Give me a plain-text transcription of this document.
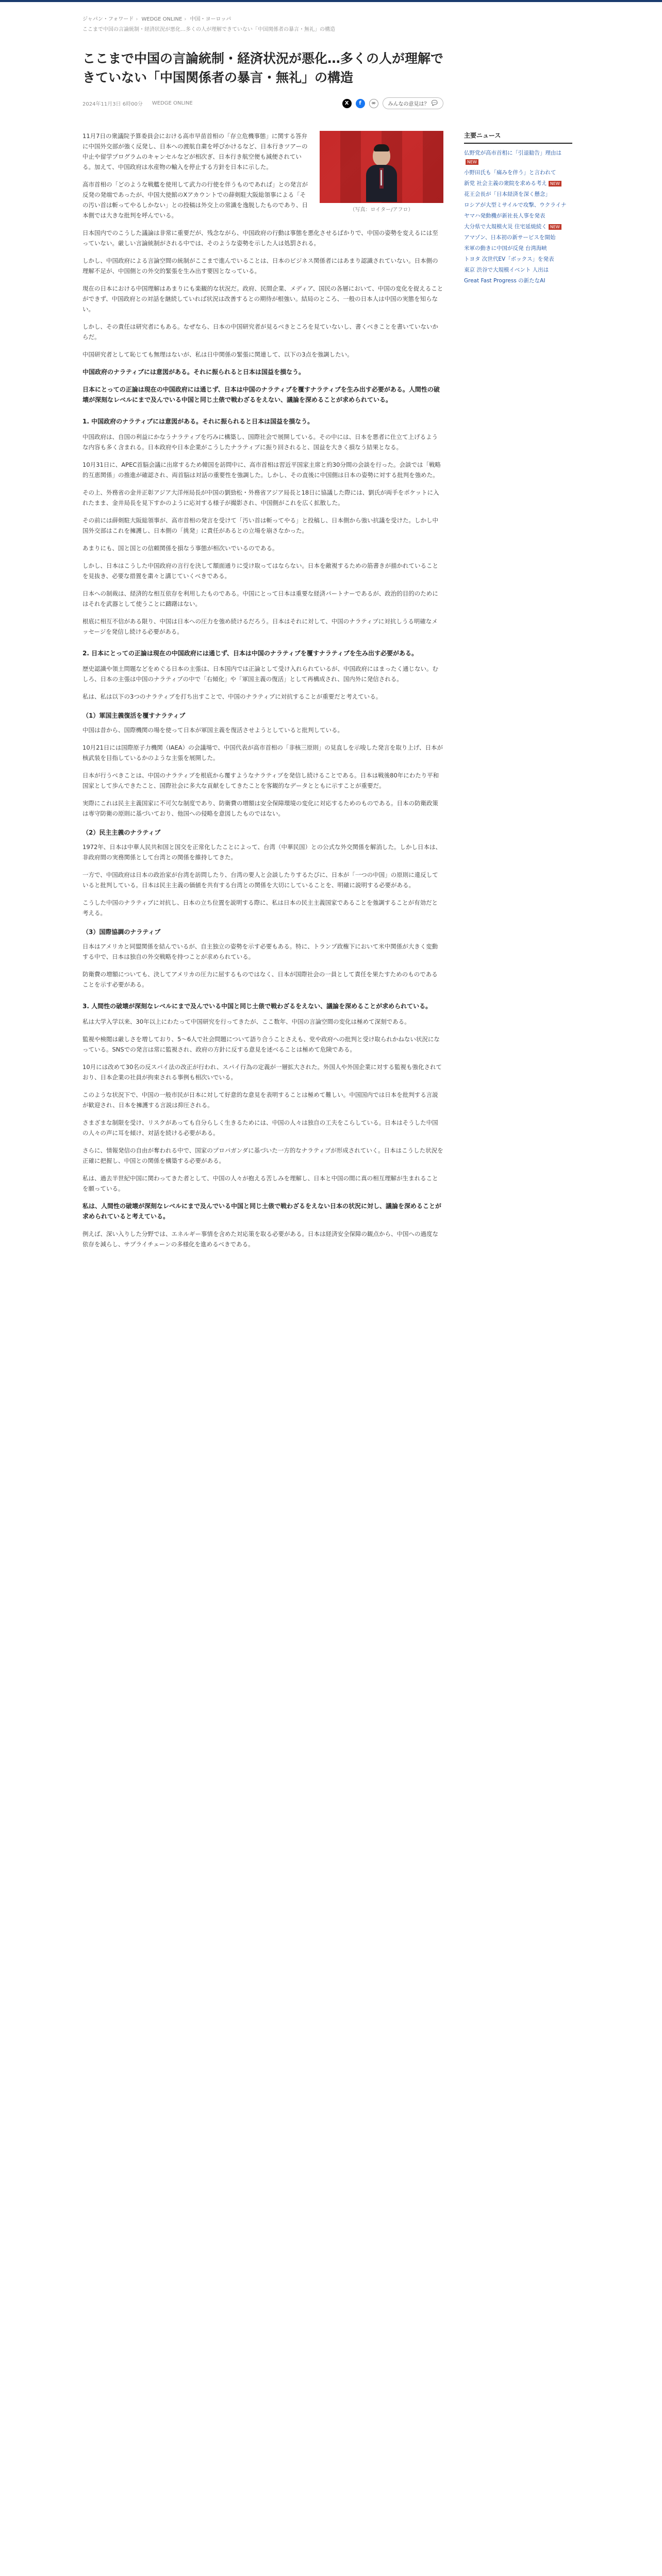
ジャパン・フォワード › WEDGE ONLINE › 中国・ヨーロッパ
ここまで中国の言論統制・経済状況が悪化…多くの人が理解できていない「中国関係者の暴言・無礼」の構造
ここまで中国の言論統制・経済状況が悪化…多くの人が理解できていない「中国関係者の暴言・無礼」の構造
2024年11月3日 6時00分 WEDGE ONLINE	X	f	∞	みんなの意見は？ 💬
（写真：ロイター/アフロ）

11月7日の衆議院予算委員会における高市早苗首相の「存立危機事態」に関する答弁に中国外交部が強く反発し、日本への渡航自粛を呼びかけるなど、日本行きツアーの中止や留学プログラムのキャンセルなどが相次ぎ、日本行き航空便も減便されている。加えて、中国政府は水産物の輸入を停止する方針を日本に示した。

高市首相の「どのような戦艦を使用して武力の行使を伴うものであれば」との発言が反発の発端であったが、中国大使館のXアカウントでの薛剣駐大阪総領事による「その汚い首は斬ってやるしかない」との投稿は外交上の常識を逸脱したものであり、日本側では大きな批判を呼んでいる。

日本国内でのこうした議論は非常に重要だが、残念ながら、中国政府の行動は事態を悪化させるばかりで、中国の姿勢を変えるには至っていない。厳しい言論統制がされる中では、そのような姿勢を示した人は処罰される。

しかし、中国政府による言論空間の統制がここまで進んでいることは、日本のビジネス関係者にはあまり認識されていない。日本側の理解不足が、中国側との外交的緊張を生み出す要因となっている。

現在の日本における中国理解はあまりにも楽観的な状況だ。政府、民間企業、メディア、国民の各層において、中国の変化を捉えることができず、中国政府との対話を継続していれば状況は改善するとの期待が根強い。結局のところ、一般の日本人は中国の実態を知らない。

しかし、その責任は研究者にもある。なぜなら、日本の中国研究者が見るべきところを見ていないし、書くべきことを書いていないからだ。

中国研究者として恥じても無理はないが、私は日中関係の緊張に関連して、以下の3点を強調したい。

中国政府のナラティブには意図がある。それに振られると日本は国益を損なう。

日本にとっての正論は現在の中国政府には通じず、日本は中国のナラティブを覆すナラティブを生み出す必要がある。人間性の破壊が深刻なレベルにまで及んでいる中国と同じ土俵で戦わざるをえない、議論を深めることが求められている。

1. 中国政府のナラティブには意図がある。それに振られると日本は国益を損なう。

中国政府は、自国の利益にかなうナラティブを巧みに構築し、国際社会で展開している。その中には、日本を悪者に仕立て上げるような内容も多く含まれる。日本政府や日本企業がこうしたナラティブに振り回されると、国益を大きく損なう結果となる。

10月31日に、APEC首脳会議に出席するため韓国を訪問中に、高市首相は習近平国家主席と約30分間の会談を行った。会談では「戦略的互恵関係」の推進が確認され、両首脳は対話の重要性を強調した。しかし、その直後に中国側は日本の姿勢に対する批判を強めた。

その上、外務省の金井正彰アジア大洋州局長が中国の劉勁松・外務省アジア局長と18日に協議した際には、劉氏が両手をポケットに入れたまま、金井局長を見下すかのように応対する様子が撮影され、中国側がこれを広く拡散した。

その前には薛剣駐大阪総領事が、高市首相の発言を受けて「汚い首は斬ってやる」と投稿し、日本側から強い抗議を受けた。しかし中国外交部はこれを擁護し、日本側の「挑発」に責任があるとの立場を崩さなかった。

あまりにも、国と国との信頼関係を損なう事態が相次いでいるのである。

しかし、日本はこうした中国政府の言行を決して額面通りに受け取ってはならない。日本を敵視するための筋書きが描かれていることを見抜き、必要な措置を粛々と講じていくべきである。

日本への制裁は、経済的な相互依存を利用したものである。中国にとって日本は重要な経済パートナーであるが、政治的目的のためにはそれを武器として使うことに躊躇はない。

根底に相互不信がある限り、中国は日本への圧力を強め続けるだろう。日本はそれに対して、中国のナラティブに対抗しうる明確なメッセージを発信し続ける必要がある。

2. 日本にとっての正論は現在の中国政府には通じず、日本は中国のナラティブを覆すナラティブを生み出す必要がある。

歴史認識や領土問題などをめぐる日本の主張は、日本国内では正論として受け入れられているが、中国政府にはまったく通じない。むしろ、日本の主張は中国のナラティブの中で「右傾化」や「軍国主義の復活」として再構成され、国内外に発信される。

私は、私は以下の3つのナラティブを打ち出すことで、中国のナラティブに対抗することが重要だと考えている。

（1）軍国主義復活を覆すナラティブ

中国は昔から、国際機関の場を使って日本が軍国主義を復活させようとしていると批判している。

10月21日には国際原子力機関（IAEA）の会議場で、中国代表が高市首相の「非核三原則」の見直しを示唆した発言を取り上げ、日本が核武装を目指しているかのような主張を展開した。

日本が行うべきことは、中国のナラティブを根底から覆すようなナラティブを発信し続けることである。日本は戦後80年にわたり平和国家として歩んできたこと、国際社会に多大な貢献をしてきたことを客観的なデータとともに示すことが重要だ。

実際にこれは民主主義国家に不可欠な制度であり、防衛費の増額は安全保障環境の変化に対応するためのものである。日本の防衛政策は専守防衛の原則に基づいており、他国への侵略を意図したものではない。

（2）民主主義のナラティブ

1972年、日本は中華人民共和国と国交を正常化したことによって、台湾（中華民国）との公式な外交関係を解消した。しかし日本は、非政府間の実務関係として台湾との関係を維持してきた。

一方で、中国政府は日本の政治家が台湾を訪問したり、台湾の要人と会談したりするたびに、日本が「一つの中国」の原則に違反していると批判している。日本は民主主義の価値を共有する台湾との関係を大切にしていることを、明確に説明する必要がある。

こうした中国のナラティブに対抗し、日本の立ち位置を説明する際に、私は日本の民主主義国家であることを強調することが有効だと考える。

（3）国際協調のナラティブ

日本はアメリカと同盟関係を結んでいるが、自主独立の姿勢を示す必要もある。特に、トランプ政権下において米中関係が大きく変動する中で、日本は独自の外交戦略を持つことが求められている。

防衛費の増額についても、決してアメリカの圧力に屈するものではなく、日本が国際社会の一員として責任を果たすためのものであることを示す必要がある。

3. 人間性の破壊が深刻なレベルにまで及んでいる中国と同じ土俵で戦わざるをえない、議論を深めることが求められている。

私は大学入学以来、30年以上にわたって中国研究を行ってきたが、ここ数年、中国の言論空間の変化は極めて深刻である。

監視や検閲は厳しさを増しており、5～6人で社会問題について語り合うことさえも、党や政府への批判と受け取られかねない状況になっている。SNSでの発言は常に監視され、政府の方針に反する意見を述べることは極めて危険である。

10月には改めて30名の反スパイ法の改正が行われ、スパイ行為の定義が一層拡大された。外国人や外国企業に対する監視も強化されており、日本企業の社員が拘束される事例も相次いでいる。

このような状況下で、中国の一般市民が日本に対して好意的な意見を表明することは極めて難しい。中国国内では日本を批判する言説が歓迎され、日本を擁護する言説は抑圧される。

さまざまな制限を受け、リスクがあっても自分らしく生きるためには、中国の人々は独自の工夫をこらしている。日本はそうした中国の人々の声に耳を傾け、対話を続ける必要がある。

さらに、情報発信の自由が奪われる中で、国家のプロパガンダに基づいた一方的なナラティブが形成されていく。日本はこうした状況を正確に把握し、中国との関係を構築する必要がある。

私は、過去半世紀中国に関わってきた者として、中国の人々が抱える苦しみを理解し、日本と中国の間に真の相互理解が生まれることを願っている。

私は、人間性の破壊が深刻なレベルにまで及んでいる中国と同じ土俵で戦わざるをえない日本の状況に対し、議論を深めることが求められていると考えている。

例えば、深い入りした分野では、エネルギー事情を含めた対応策を取る必要がある。日本は経済安全保障の観点から、中国への過度な依存を減らし、サプライチェーンの多様化を進めるべきである。

主要ニュース
仏野党が高市首相に「引退勧告」理由はNEW
小野田氏も「痛みを伴う」と言われて
新党 社会主義の衆院を求める考え NEW
花王会長が「日本経済を深く懸念」
ロシアが大型ミサイルで攻撃、ウクライナ
ヤマハ発動機が新社長人事を発表
大分県で大規模火災 住宅延焼続く NEW
アマゾン、日本初の新サービスを開始
米軍の動きに中国が反発 台湾海峡
トヨタ 次世代EV「ボックス」を発表
東京 渋谷で大規模イベント 人出は
Great Fast Progress の新たなAI
